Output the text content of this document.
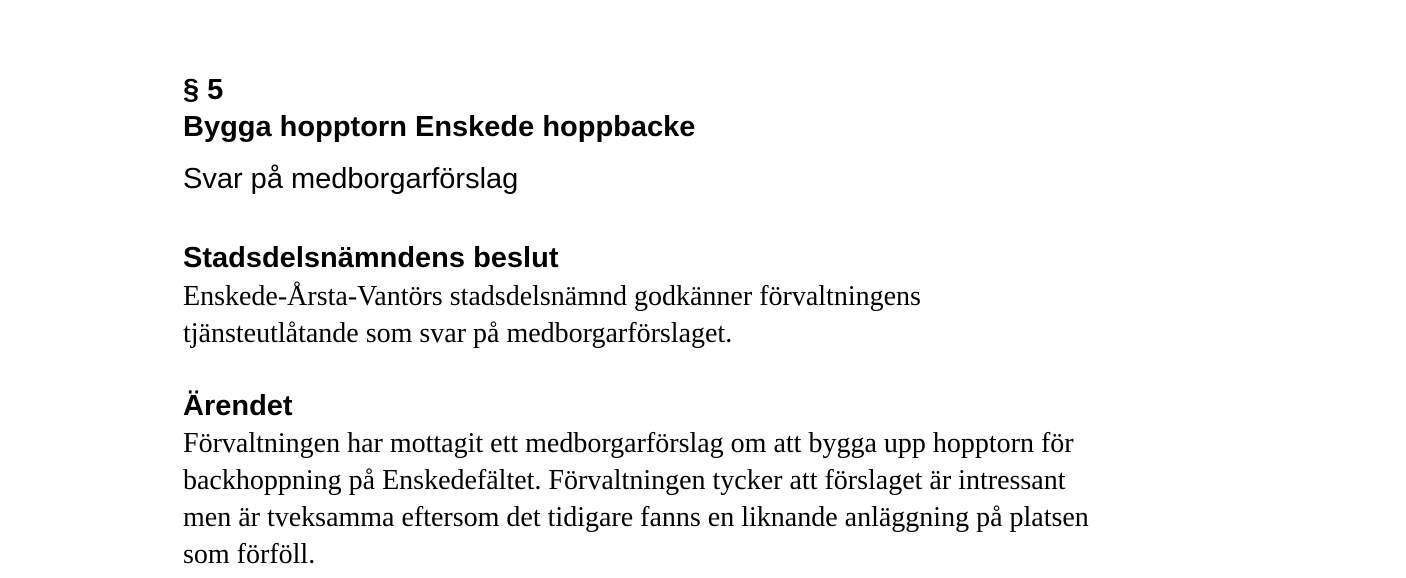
§ 5
Bygga hopptorn Enskede hoppbacke
Svar på medborgarförslag
Stadsdelsnämndens beslut
Enskede-Årsta-Vantörs stadsdelsnämnd godkänner förvaltningens
tjänsteutlåtande som svar på medborgarförslaget.
Ärendet
Förvaltningen har mottagit ett medborgarförslag om att bygga upp hopptorn för
backhoppning på Enskedefältet. Förvaltningen tycker att förslaget är intressant
men är tveksamma eftersom det tidigare fanns en liknande anläggning på platsen
som förföll.
